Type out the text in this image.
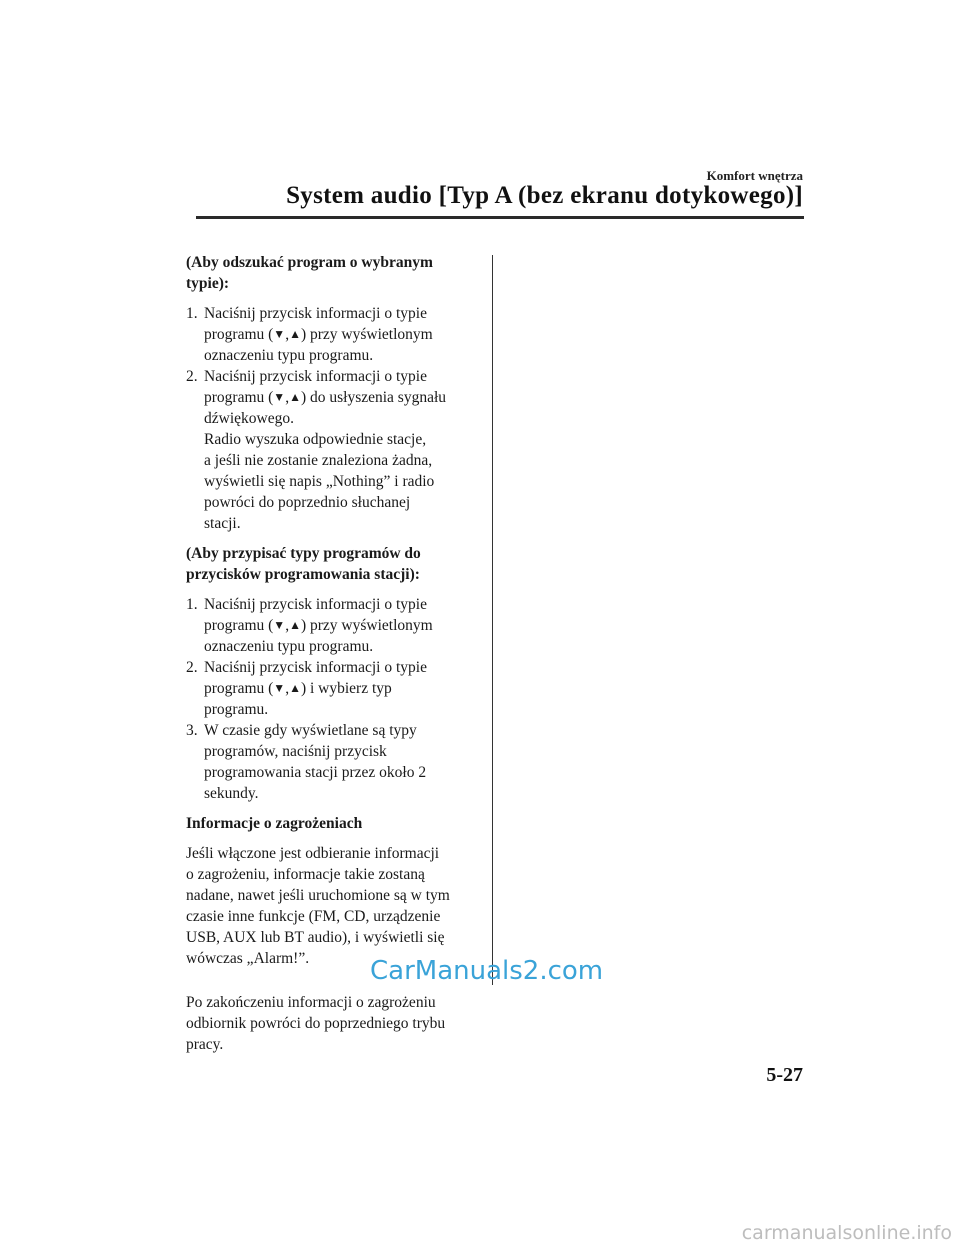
Komfort wnętrza
System audio [Typ A (bez ekranu dotykowego)]

(Aby odszukać program o wybranym typie):

1. Naciśnij przycisk informacji o typie
programu (▼,▲) przy wyświetlonym
oznaczeniu typu programu.
2. Naciśnij przycisk informacji o typie
programu (▼,▲) do usłyszenia sygnału
dźwiękowego.
Radio wyszuka odpowiednie stacje,
a jeśli nie zostanie znaleziona żadna,
wyświetli się napis „Nothing” i radio
powróci do poprzednio słuchanej
stacji.

(Aby przypisać typy programów do przycisków programowania stacji):

1. Naciśnij przycisk informacji o typie
programu (▼,▲) przy wyświetlonym
oznaczeniu typu programu.
2. Naciśnij przycisk informacji o typie
programu (▼,▲) i wybierz typ
programu.
3. W czasie gdy wyświetlane są typy
programów, naciśnij przycisk
programowania stacji przez około 2
sekundy.

Informacje o zagrożeniach

Jeśli włączone jest odbieranie informacji
o zagrożeniu, informacje takie zostaną
nadane, nawet jeśli uruchomione są w tym
czasie inne funkcje (FM, CD, urządzenie
USB, AUX lub BT audio), i wyświetli się
wówczas „Alarm!”.

Po zakończeniu informacji o zagrożeniu
odbiornik powróci do poprzedniego trybu
pracy.

CarManuals2.com
5-27
carmanualsonline.info
